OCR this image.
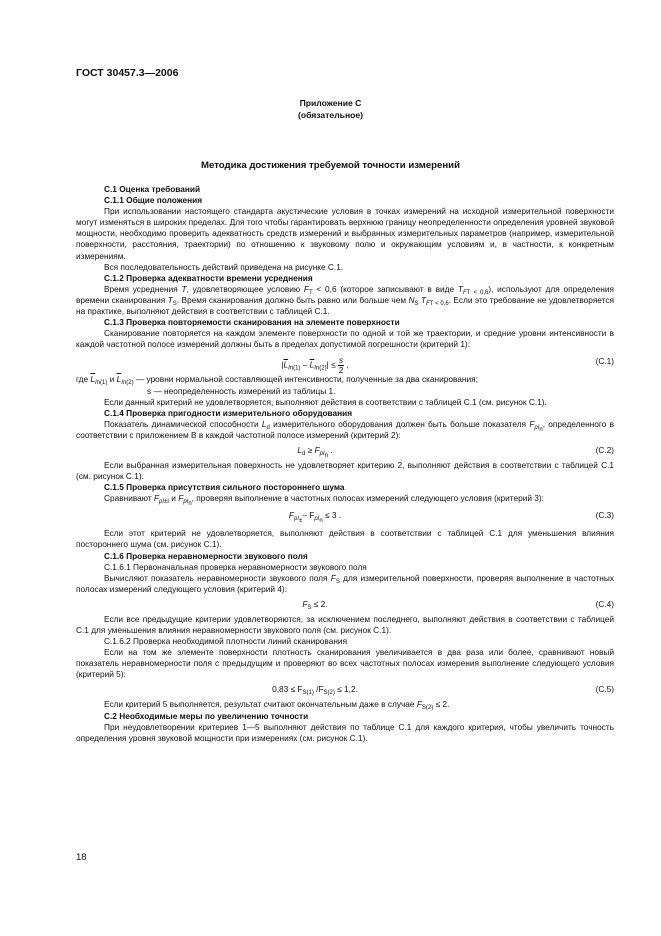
ГОСТ 30457.3—2006
Приложение С
(обязательное)
Методика достижения требуемой точности измерений

С.1 Оценка требований

С.1.1 Общие положения

При использовании настоящего стандарта акустические условия в точках измерений на исходной измерительной поверхности могут изменяться в широких пределах. Для того чтобы гарантировать верхнюю границу неопределенности определения уровней звуковой мощности, необходимо проверить адекватность средств измерений и выбранных измерительных параметров (например, измерительной поверхности, расстояния, траектории) по отношению к звуковому полю и окружающим условиям и, в частности, к конкретным измерениям.

Вся последовательность действий приведена на рисунке С.1.

С.1.2 Проверка адекватности времени усреднения

Время усреднения T, удовлетворяющее условию $F_T < 0,6$ (которое записывают в виде $T_{FT < 0,6}$), используют для определения времени сканирования $T_S$. Время сканирования должно быть равно или больше чем $N_S$ $T_{FT < 0,6}$. Если это требование не удовлетворяется на практике, выполняют действия в соответствии с таблицей С.1.

С.1.3 Проверка повторяемости сканирования на элементе поверхности

Сканирование повторяется на каждом элементе поверхности по одной и той же траектории, и средние уровни интенсивности в каждой частотной полосе измерений должны быть в пределах допустимой погрешности (критерий 1):

$|\overline{L}_{In(1)} - \overline{L}_{In(2)}| \le \frac{s}{2}$ ,	(С.1)

где $\overline{L}_{In(1)}$ и $\overline{L}_{In(2)}$ — уровни нормальной составляющей интенсивности, полученные за два сканирования;

s — неопределенность измерений из таблицы 1.

Если данный критерий не удовлетворяется, выполняют действия в соответствии с таблицей С.1 (см. рисунок С.1).

С.1.4 Проверка пригодности измерительного оборудования

Показатель динамической способности $L_d$ измерительного оборудования должен быть больше показателя $F_{pI_n}$, определенного в соответствии с приложением В в каждой частотной полосе измерений (критерий 2):

$L_d \ge F_{pI_n}$ .	(С.2)

Если выбранная измерительная поверхность не удовлетворяет критерию 2, выполняют действия в соответствии с таблицей С.1 (см. рисунок С.1).

С.1.5 Проверка присутствия сильного постороннего шума

Сравнивают $F_{pI\pm I}$ и $F_{pI_n}$, проверяя выполнение в частотных полосах измерений следующего условия (критерий 3):

$F_{pI_\pm}-$ $F_{pI_n} \le 3$ .	(С.3)

Если этот критерий не удовлетворяется, выполняют действия в соответствии с таблицей С.1 для уменьшения влияния постороннего шума (см. рисунок С.1).

С.1.6 Проверка неравномерности звукового поля

С.1.6.1 Первоначальная проверка неравномерности звукового поля

Вычисляют показатель неравномерности звукового поля $F_S$ для измерительной поверхности, проверяя выполнение в частотных полосах измерений следующего условия (критерий 4):

$F_S \le 2$.	(С.4)

Если все предыдущие критерии удовлетворяются, за исключением последнего, выполняют действия в соответствии с таблицей С.1 для уменьшения влияния неравномерности звукового поля (см. рисунок С.1).

С.1.6.2 Проверка необходимой плотности линий сканирования

Если на том же элементе поверхности плотность сканирования увеличивается в два раза или более, сравнивают новый показатель неравномерности поля с предыдущим и проверяют во всех частотных полосах измерения выполнение следующего условия (критерий 5):

$0,83 \le F_{S(1)}$ $/F_{S(2)} \le 1,2$.	(С.5)

Если критерий 5 выполняется, результат считают окончательным даже в случае $F_{S(2)} \le 2$.

С.2 Необходимые меры по увеличению точности

При неудовлетворении критериев 1—5 выполняют действия по таблице С.1 для каждого критерия, чтобы увеличить точность определения уровня звуковой мощности при измерениях (см. рисунок С.1).

18
